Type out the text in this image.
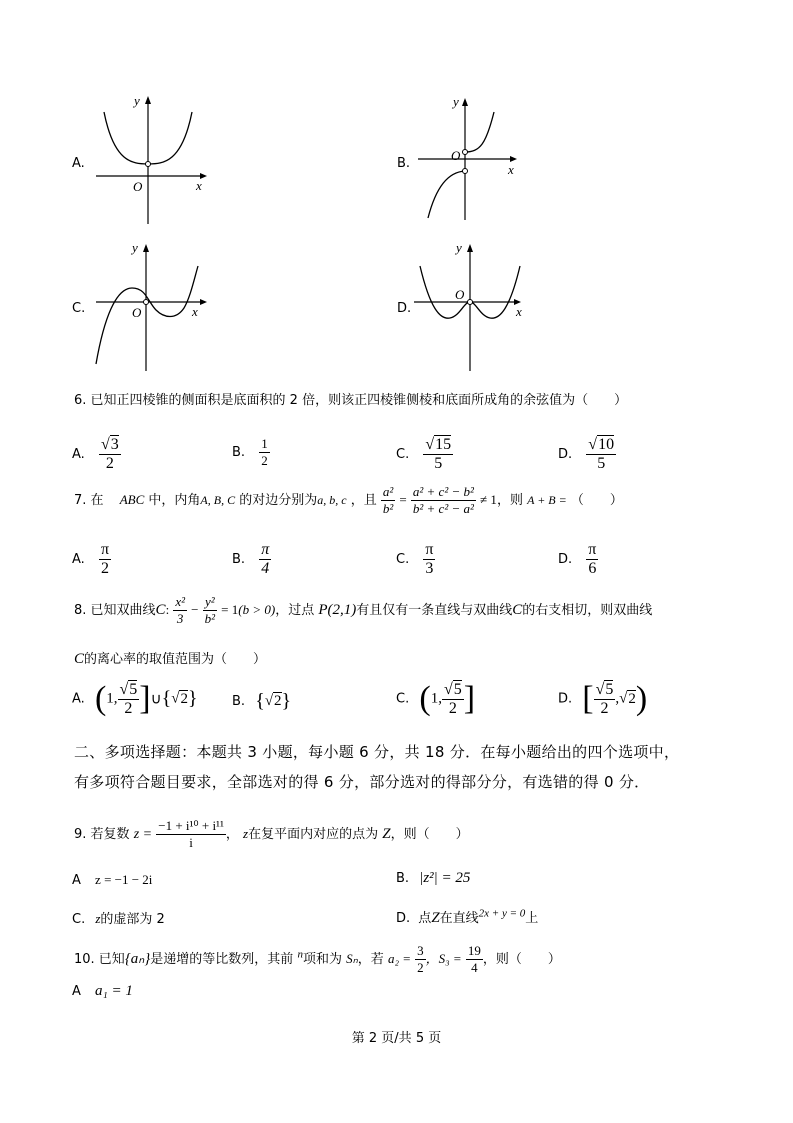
A.
y
x
O
B.
y
x
O
C.
y
x
O	D.
y
x
O
6. 已知正四棱锥的侧面积是底面积的 2 倍，则该正四棱锥侧棱和底面所成角的余弦值为（　　）
A. $\frac{√3}{2}$	B. $\frac{1}{2}$	C. $\frac{√15}{5}$	D. $\frac{√10}{5}$
7. 在 ABC 中，内角A, B, C 的对边分别为a, b, c ，且 $\frac{\text{a²}}{\text{b²}} = \frac{\text{a² + c² − b²}}{\text{b² + c² − a²}} \ne 1$，则 A + B = （　　）
A. $\frac{\pi}{2}$	B. $\frac{\pi}{4}$	C. $\frac{\pi}{3}$	D. $\frac{\pi}{6}$
8. 已知双曲线C: $\frac{\text{x²}}{3} - \frac{\text{y²}}{\text{b²}} = 1(b > 0)$，过点 P(2,1)有且仅有一条直线与双曲线C的右支相切，则双曲线
C的离心率的取值范围为（　　）
A. (1, $\frac{√5}{2}$ ]∪{√2}	B. {√2}	C. (1, $\frac{√5}{2}$ ]	D. [ $\frac{√5}{2} ,√2$)
二、多项选择题：本题共 3 小题，每小题 6 分，共 18 分．在每小题给出的四个选项中，
有多项符合题目要求，全部选对的得 6 分，部分选对的得部分分，有选错的得 0 分．
9. 若复数 $z = \frac{\text{−1 + i¹⁰ + i¹¹}}{i}$ ， z在复平面内对应的点为 Z，则（　　）
A z = −1 − 2i	B. |z²| = 25
C. z的虚部为 2	D. 点Z在直线$^{2x + y = 0}$上
10. 已知{aₙ}是递增的等比数列，其前 $^n$项和为 Sₙ，若 $a_2 = \frac{3}{2}$ ，$S_3 = \frac{19}{4}$ ，则（　　）
A a₁ = 1
第 2 页/共 5 页
